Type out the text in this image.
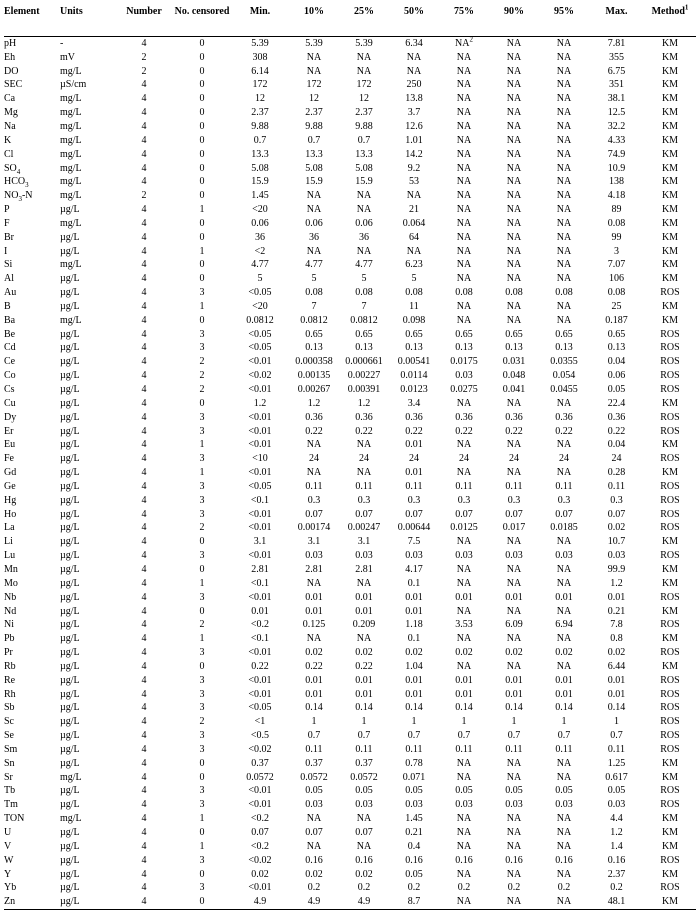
Element	Units	Number	No. censored	Min.	10%	25%	50%	75%	90%	95%	Max.	Method$^1$
pH	-	4	0	5.39	5.39	5.39	6.34	$NA^2$	NA	NA	7.81	KM
Eh	mV	2	0	308	NA	NA	NA	NA	NA	NA	355	KM
DO	mg/L	2	0	6.14	NA	NA	NA	NA	NA	NA	6.75	KM
SEC	µS/cm	4	0	172	172	172	250	NA	NA	NA	351	KM
Ca	mg/L	4	0	12	12	12	13.8	NA	NA	NA	38.1	KM
Mg	mg/L	4	0	2.37	2.37	2.37	3.7	NA	NA	NA	12.5	KM
Na	mg/L	4	0	9.88	9.88	9.88	12.6	NA	NA	NA	32.2	KM
K	mg/L	4	0	0.7	0.7	0.7	1.01	NA	NA	NA	4.33	KM
Cl	mg/L	4	0	13.3	13.3	13.3	14.2	NA	NA	NA	74.9	KM
$SO_4$	mg/L	4	0	5.08	5.08	5.08	9.2	NA	NA	NA	10.9	KM
$HCO_3$	mg/L	4	0	15.9	15.9	15.9	53	NA	NA	NA	138	KM
$NO_3-N$	mg/L	2	0	1.45	NA	NA	NA	NA	NA	NA	4.18	KM
P	µg/L	4	1	<20	NA	NA	21	NA	NA	NA	89	KM
F	mg/L	4	0	0.06	0.06	0.06	0.064	NA	NA	NA	0.08	KM
Br	µg/L	4	0	36	36	36	64	NA	NA	NA	99	KM
I	µg/L	4	1	<2	NA	NA	NA	NA	NA	NA	3	KM
Si	mg/L	4	0	4.77	4.77	4.77	6.23	NA	NA	NA	7.07	KM
Al	µg/L	4	0	5	5	5	5	NA	NA	NA	106	KM
Au	µg/L	4	3	<0.05	0.08	0.08	0.08	0.08	0.08	0.08	0.08	ROS
B	µg/L	4	1	<20	7	7	11	NA	NA	NA	25	KM
Ba	mg/L	4	0	0.0812	0.0812	0.0812	0.098	NA	NA	NA	0.187	KM
Be	µg/L	4	3	<0.05	0.65	0.65	0.65	0.65	0.65	0.65	0.65	ROS
Cd	µg/L	4	3	<0.05	0.13	0.13	0.13	0.13	0.13	0.13	0.13	ROS
Ce	µg/L	4	2	<0.01	0.000358	0.000661	0.00541	0.0175	0.031	0.0355	0.04	ROS
Co	µg/L	4	2	<0.02	0.00135	0.00227	0.0114	0.03	0.048	0.054	0.06	ROS
Cs	µg/L	4	2	<0.01	0.00267	0.00391	0.0123	0.0275	0.041	0.0455	0.05	ROS
Cu	µg/L	4	0	1.2	1.2	1.2	3.4	NA	NA	NA	22.4	KM
Dy	µg/L	4	3	<0.01	0.36	0.36	0.36	0.36	0.36	0.36	0.36	ROS
Er	µg/L	4	3	<0.01	0.22	0.22	0.22	0.22	0.22	0.22	0.22	ROS
Eu	µg/L	4	1	<0.01	NA	NA	0.01	NA	NA	NA	0.04	KM
Fe	µg/L	4	3	<10	24	24	24	24	24	24	24	ROS
Gd	µg/L	4	1	<0.01	NA	NA	0.01	NA	NA	NA	0.28	KM
Ge	µg/L	4	3	<0.05	0.11	0.11	0.11	0.11	0.11	0.11	0.11	ROS
Hg	µg/L	4	3	<0.1	0.3	0.3	0.3	0.3	0.3	0.3	0.3	ROS
Ho	µg/L	4	3	<0.01	0.07	0.07	0.07	0.07	0.07	0.07	0.07	ROS
La	µg/L	4	2	<0.01	0.00174	0.00247	0.00644	0.0125	0.017	0.0185	0.02	ROS
Li	µg/L	4	0	3.1	3.1	3.1	7.5	NA	NA	NA	10.7	KM
Lu	µg/L	4	3	<0.01	0.03	0.03	0.03	0.03	0.03	0.03	0.03	ROS
Mn	µg/L	4	0	2.81	2.81	2.81	4.17	NA	NA	NA	99.9	KM
Mo	µg/L	4	1	<0.1	NA	NA	0.1	NA	NA	NA	1.2	KM
Nb	µg/L	4	3	<0.01	0.01	0.01	0.01	0.01	0.01	0.01	0.01	ROS
Nd	µg/L	4	0	0.01	0.01	0.01	0.01	NA	NA	NA	0.21	KM
Ni	µg/L	4	2	<0.2	0.125	0.209	1.18	3.53	6.09	6.94	7.8	ROS
Pb	µg/L	4	1	<0.1	NA	NA	0.1	NA	NA	NA	0.8	KM
Pr	µg/L	4	3	<0.01	0.02	0.02	0.02	0.02	0.02	0.02	0.02	ROS
Rb	µg/L	4	0	0.22	0.22	0.22	1.04	NA	NA	NA	6.44	KM
Re	µg/L	4	3	<0.01	0.01	0.01	0.01	0.01	0.01	0.01	0.01	ROS
Rh	µg/L	4	3	<0.01	0.01	0.01	0.01	0.01	0.01	0.01	0.01	ROS
Sb	µg/L	4	3	<0.05	0.14	0.14	0.14	0.14	0.14	0.14	0.14	ROS
Sc	µg/L	4	2	<1	1	1	1	1	1	1	1	ROS
Se	µg/L	4	3	<0.5	0.7	0.7	0.7	0.7	0.7	0.7	0.7	ROS
Sm	µg/L	4	3	<0.02	0.11	0.11	0.11	0.11	0.11	0.11	0.11	ROS
Sn	µg/L	4	0	0.37	0.37	0.37	0.78	NA	NA	NA	1.25	KM
Sr	mg/L	4	0	0.0572	0.0572	0.0572	0.071	NA	NA	NA	0.617	KM
Tb	µg/L	4	3	<0.01	0.05	0.05	0.05	0.05	0.05	0.05	0.05	ROS
Tm	µg/L	4	3	<0.01	0.03	0.03	0.03	0.03	0.03	0.03	0.03	ROS
TON	mg/L	4	1	<0.2	NA	NA	1.45	NA	NA	NA	4.4	KM
U	µg/L	4	0	0.07	0.07	0.07	0.21	NA	NA	NA	1.2	KM
V	µg/L	4	1	<0.2	NA	NA	0.4	NA	NA	NA	1.4	KM
W	µg/L	4	3	<0.02	0.16	0.16	0.16	0.16	0.16	0.16	0.16	ROS
Y	µg/L	4	0	0.02	0.02	0.02	0.05	NA	NA	NA	2.37	KM
Yb	µg/L	4	3	<0.01	0.2	0.2	0.2	0.2	0.2	0.2	0.2	ROS
Zn	µg/L	4	0	4.9	4.9	4.9	8.7	NA	NA	NA	48.1	KM
